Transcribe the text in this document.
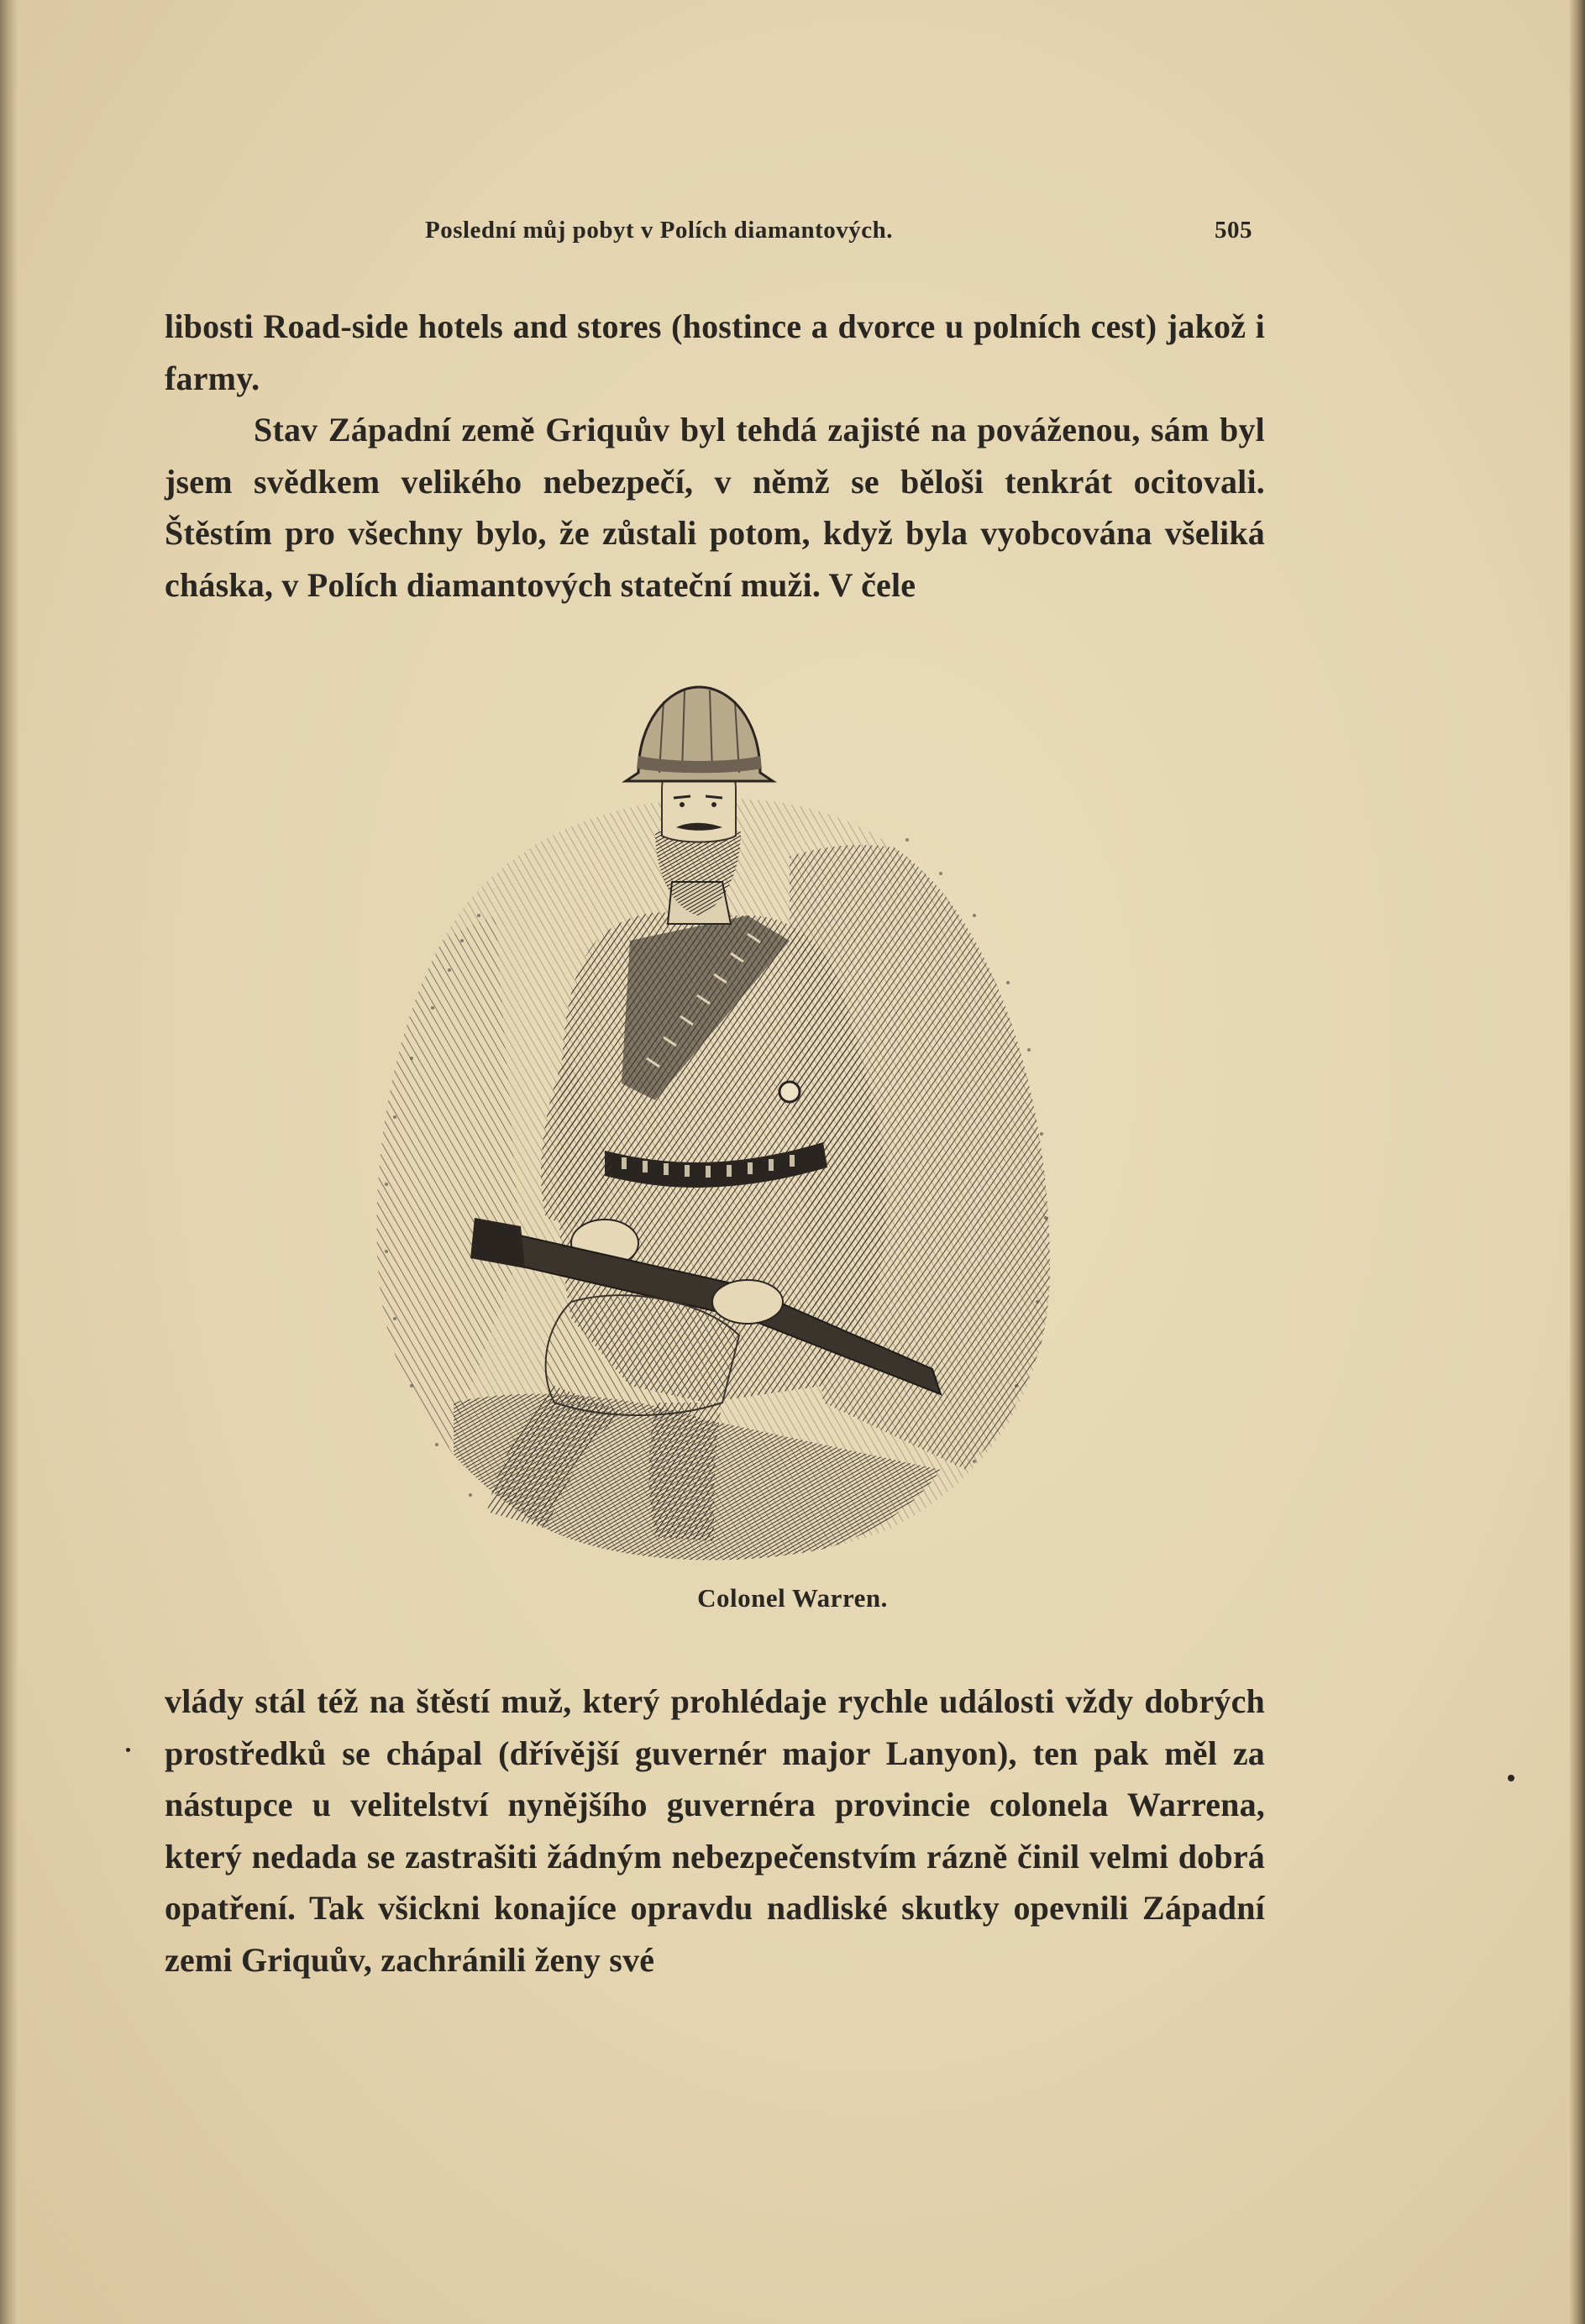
Poslední můj pobyt v Polích diamantových.	505

libosti Road-side hotels and stores (hostince a dvorce u polních cest) jakož i farmy.

Stav Západní země Griquův byl tehdá zajisté na pováženou, sám byl jsem svědkem velikého nebezpečí, v němž se běloši tenkrát ocitovali. Štěstím pro všechny bylo, že zůstali potom, když byla vyobcována všeliká cháska, v Polích diamantových stateční muži. V čele

Colonel Warren.

vlády stál též na štěstí muž, který prohlédaje rychle události vždy dobrých prostředků se chápal (dřívější guvernér major Lanyon), ten pak měl za nástupce u velitelství nynějšího guvernéra provincie colonela Warrena, který nedada se zastrašiti žádným nebezpečenstvím rázně činil velmi dobrá opatření. Tak všickni konajíce opravdu nadliské skutky opevnili Západní zemi Griquův, zachránili ženy své
